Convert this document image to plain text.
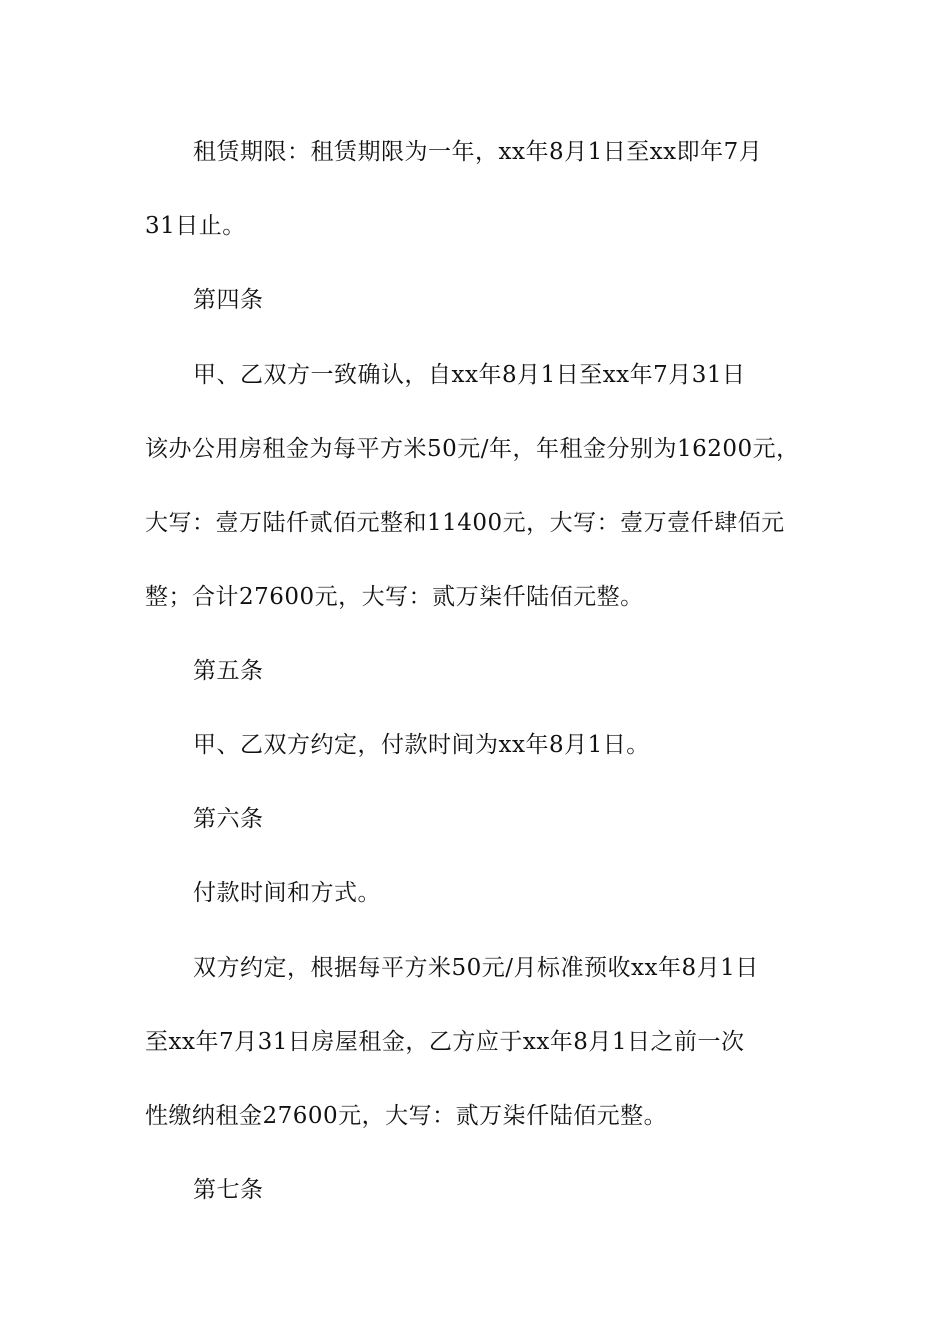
租赁期限：租赁期限为一年，xx年8月1日至xx即年7月
31日止。
第四条
甲、乙双方一致确认，自xx年8月1日至xx年7月31日
该办公用房租金为每平方米50元/年，年租金分别为16200元，
大写：壹万陆仟贰佰元整和11400元，大写：壹万壹仟肆佰元
整；合计27600元，大写：贰万柒仟陆佰元整。
第五条
甲、乙双方约定，付款时间为xx年8月1日。
第六条
付款时间和方式。
双方约定，根据每平方米50元/月标准预收xx年8月1日
至xx年7月31日房屋租金，乙方应于xx年8月1日之前一次
性缴纳租金27600元，大写：贰万柒仟陆佰元整。
第七条
